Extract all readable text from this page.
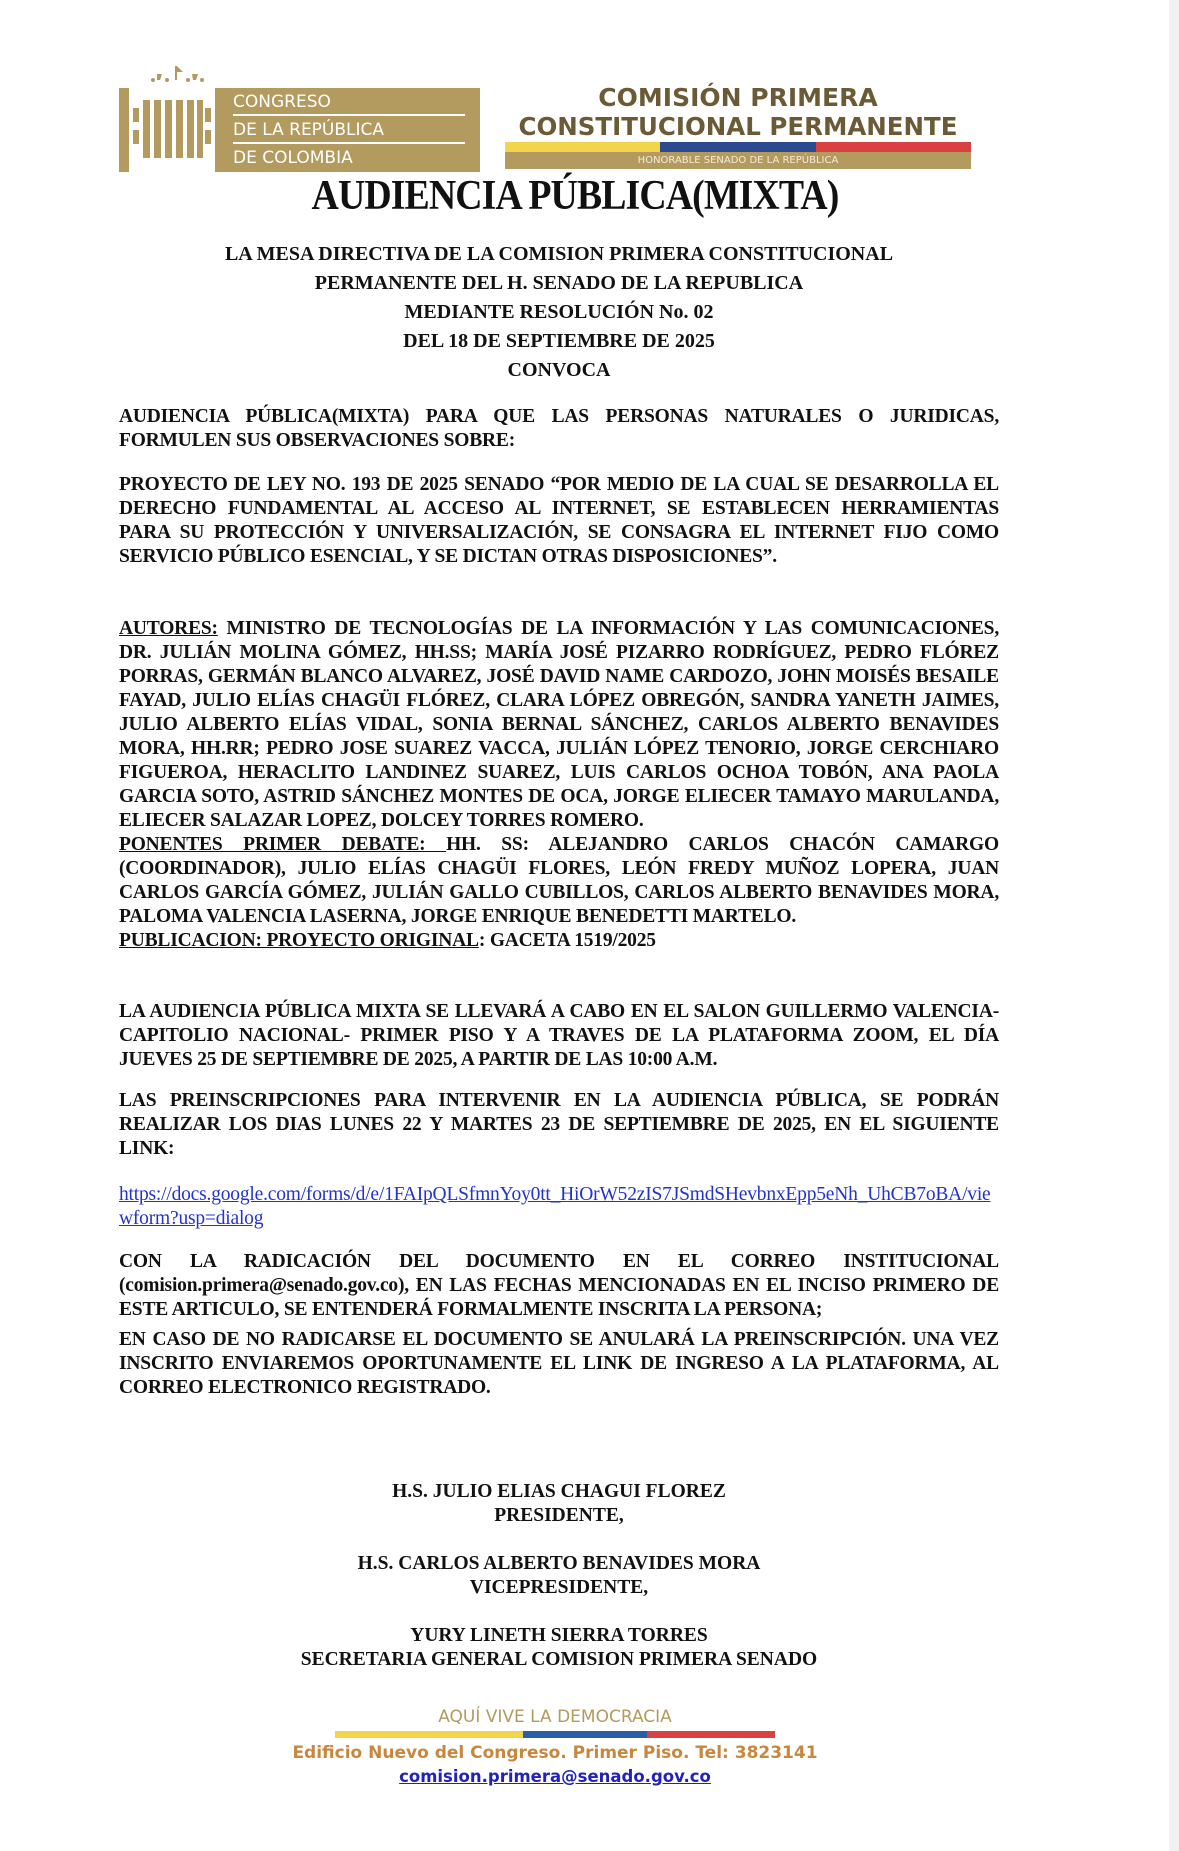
CONGRESO
DE LA REPÚBLICA
DE COLOMBIA
COMISIÓN PRIMERA
CONSTITUCIONAL PERMANENTE
HONORABLE SENADO DE LA REPÚBLICA
AUDIENCIA PÚBLICA(MIXTA)
LA MESA DIRECTIVA DE LA COMISION PRIMERA CONSTITUCIONAL
PERMANENTE DEL H. SENADO DE LA REPUBLICA
MEDIANTE RESOLUCIÓN No. 02
DEL 18 DE SEPTIEMBRE DE 2025
CONVOCA
AUDIENCIA PÚBLICA(MIXTA) PARA QUE LAS PERSONAS NATURALES O JURIDICAS, FORMULEN SUS OBSERVACIONES SOBRE:
PROYECTO DE LEY NO. 193 DE 2025 SENADO “POR MEDIO DE LA CUAL SE DESARROLLA EL DERECHO FUNDAMENTAL AL ACCESO AL INTERNET, SE ESTABLECEN HERRAMIENTAS PARA SU PROTECCIÓN Y UNIVERSALIZACIÓN, SE CONSAGRA EL INTERNET FIJO COMO SERVICIO PÚBLICO ESENCIAL, Y SE DICTAN OTRAS DISPOSICIONES”.
AUTORES: MINISTRO DE TECNOLOGÍAS DE LA INFORMACIÓN Y LAS COMUNICACIONES, DR. JULIÁN MOLINA GÓMEZ, HH.SS; MARÍA JOSÉ PIZARRO RODRÍGUEZ, PEDRO FLÓREZ PORRAS, GERMÁN BLANCO ALVAREZ, JOSÉ DAVID NAME CARDOZO, JOHN MOISÉS BESAILE FAYAD, JULIO ELÍAS CHAGÜI FLÓREZ, CLARA LÓPEZ OBREGÓN, SANDRA YANETH JAIMES, JULIO ALBERTO ELÍAS VIDAL, SONIA BERNAL SÁNCHEZ, CARLOS ALBERTO BENAVIDES MORA, HH.RR; PEDRO JOSE SUAREZ VACCA, JULIÁN LÓPEZ TENORIO, JORGE CERCHIARO FIGUEROA, HERACLITO LANDINEZ SUAREZ, LUIS CARLOS OCHOA TOBÓN, ANA PAOLA GARCIA SOTO, ASTRID SÁNCHEZ MONTES DE OCA, JORGE ELIECER TAMAYO MARULANDA, ELIECER SALAZAR LOPEZ, DOLCEY TORRES ROMERO.
PONENTES PRIMER DEBATE: HH. SS: ALEJANDRO CARLOS CHACÓN CAMARGO (COORDINADOR), JULIO ELÍAS CHAGÜI FLORES, LEÓN FREDY MUÑOZ LOPERA, JUAN CARLOS GARCÍA GÓMEZ, JULIÁN GALLO CUBILLOS, CARLOS ALBERTO BENAVIDES MORA, PALOMA VALENCIA LASERNA, JORGE ENRIQUE BENEDETTI MARTELO.
PUBLICACION: PROYECTO ORIGINAL: GACETA 1519/2025
LA AUDIENCIA PÚBLICA MIXTA SE LLEVARÁ A CABO EN EL SALON GUILLERMO VALENCIA- CAPITOLIO NACIONAL- PRIMER PISO Y A TRAVES DE LA PLATAFORMA ZOOM, EL DÍA JUEVES 25 DE SEPTIEMBRE DE 2025, A PARTIR DE LAS 10:00 A.M.
LAS PREINSCRIPCIONES PARA INTERVENIR EN LA AUDIENCIA PÚBLICA, SE PODRÁN REALIZAR LOS DIAS LUNES 22 Y MARTES 23 DE SEPTIEMBRE DE 2025, EN EL SIGUIENTE LINK:
https://docs.google.com/forms/d/e/1FAIpQLSfmnYoy0tt_HiOrW52zIS7JSmdSHevbnxEpp5eNh_UhCB7oBA/viewform?usp=dialog
CON LA RADICACIÓN DEL DOCUMENTO EN EL CORREO INSTITUCIONAL (comision.primera@senado.gov.co), EN LAS FECHAS MENCIONADAS EN EL INCISO PRIMERO DE ESTE ARTICULO, SE ENTENDERÁ FORMALMENTE INSCRITA LA PERSONA;
EN CASO DE NO RADICARSE EL DOCUMENTO SE ANULARÁ LA PREINSCRIPCIÓN. UNA VEZ INSCRITO ENVIAREMOS OPORTUNAMENTE EL LINK DE INGRESO A LA PLATAFORMA, AL CORREO ELECTRONICO REGISTRADO.
H.S. JULIO ELIAS CHAGUI FLOREZ
PRESIDENTE,
H.S. CARLOS ALBERTO BENAVIDES MORA
VICEPRESIDENTE,
YURY LINETH SIERRA TORRES
SECRETARIA GENERAL COMISION PRIMERA SENADO
AQUÍ VIVE LA DEMOCRACIA
Edificio Nuevo del Congreso. Primer Piso. Tel: 3823141
comision.primera@senado.gov.co
